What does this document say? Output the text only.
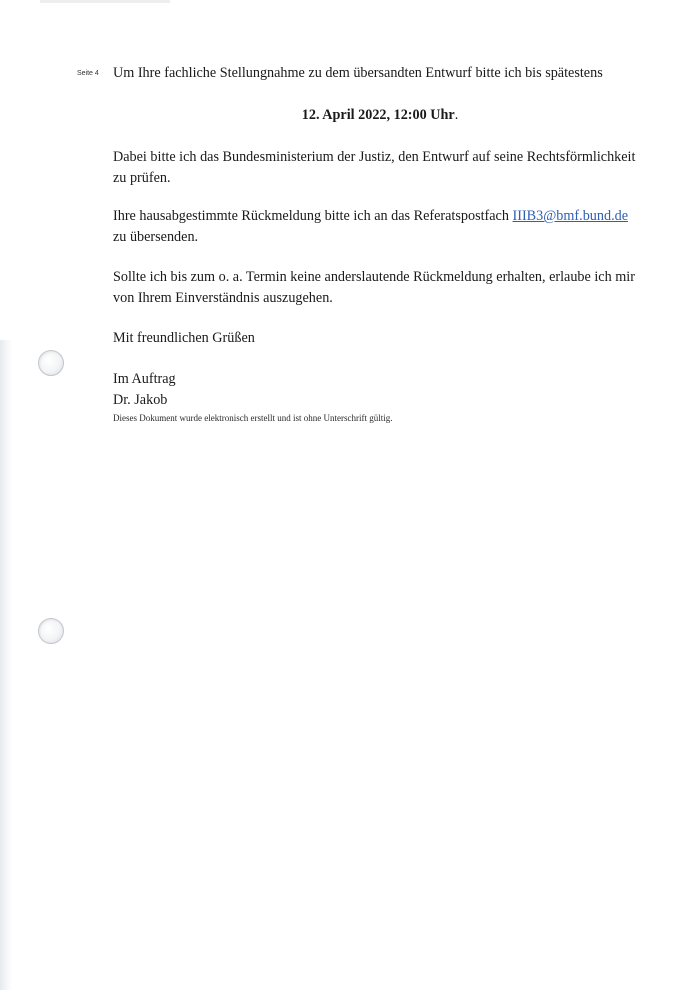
Seite 4 Um Ihre fachliche Stellungnahme zu dem übersandten Entwurf bitte ich bis spätestens

12. April 2022, 12:00 Uhr.

Dabei bitte ich das Bundesministerium der Justiz, den Entwurf auf seine Rechtsförmlichkeit zu prüfen.

Ihre hausabgestimmte Rückmeldung bitte ich an das Referatspostfach IIIB3@bmf.bund.de zu übersenden.

Sollte ich bis zum o. a. Termin keine anderslautende Rückmeldung erhalten, erlaube ich mir von Ihrem Einverständnis auszugehen.

Mit freundlichen Grüßen

Im Auftrag

Dr. Jakob

Dieses Dokument wurde elektronisch erstellt und ist ohne Unterschrift gültig.
